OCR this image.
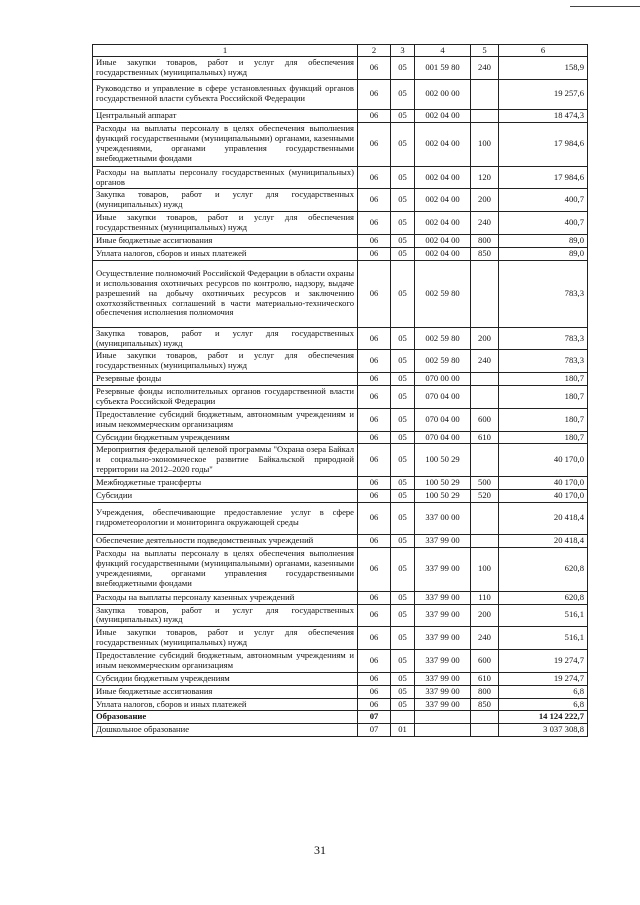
1	2	3	4	5	6
Иные закупки товаров, работ и услуг для обеспечения государственных (муниципальных) нужд	06	05	001 59 80	240	158,9
Руководство и управление в сфере установленных функций органов государственной власти субъекта Российской Федерации	06	05	002 00 00		19 257,6
Центральный аппарат	06	05	002 04 00		18 474,3
Расходы на выплаты персоналу в целях обеспечения выполнения функций государственными (муниципальными) органами, казенными учреждениями, органами управления государственными внебюджетными фондами	06	05	002 04 00	100	17 984,6
Расходы на выплаты персоналу государственных (муниципальных) органов	06	05	002 04 00	120	17 984,6
Закупка товаров, работ и услуг для государственных (муниципальных) нужд	06	05	002 04 00	200	400,7
Иные закупки товаров, работ и услуг для обеспечения государственных (муниципальных) нужд	06	05	002 04 00	240	400,7
Иные бюджетные ассигнования	06	05	002 04 00	800	89,0
Уплата налогов, сборов и иных платежей	06	05	002 04 00	850	89,0
Осуществление полномочий Российской Федерации в области охраны и использования охотничьих ресурсов по контролю, надзору, выдаче разрешений на добычу охотничьих ресурсов и заключению охотхозяйственных соглашений в части материально-технического обеспечения исполнения полномочия	06	05	002 59 80		783,3
Закупка товаров, работ и услуг для государственных (муниципальных) нужд	06	05	002 59 80	200	783,3
Иные закупки товаров, работ и услуг для обеспечения государственных (муниципальных) нужд	06	05	002 59 80	240	783,3
Резервные фонды	06	05	070 00 00		180,7
Резервные фонды исполнительных органов государственной власти субъекта Российской Федерации	06	05	070 04 00		180,7
Предоставление субсидий бюджетным, автономным учреждениям и иным некоммерческим организациям	06	05	070 04 00	600	180,7
Субсидии бюджетным учреждениям	06	05	070 04 00	610	180,7
Мероприятия федеральной целевой программы "Охрана озера Байкал и социально-экономическое развитие Байкальской природной территории на 2012–2020 годы"	06	05	100 50 29		40 170,0
Межбюджетные трансферты	06	05	100 50 29	500	40 170,0
Субсидии	06	05	100 50 29	520	40 170,0
Учреждения, обеспечивающие предоставление услуг в сфере гидрометеорологии и мониторинга окружающей среды	06	05	337 00 00		20 418,4
Обеспечение деятельности подведомственных учреждений	06	05	337 99 00		20 418,4
Расходы на выплаты персоналу в целях обеспечения выполнения функций государственными (муниципальными) органами, казенными учреждениями, органами управления государственными внебюджетными фондами	06	05	337 99 00	100	620,8
Расходы на выплаты персоналу казенных учреждений	06	05	337 99 00	110	620,8
Закупка товаров, работ и услуг для государственных (муниципальных) нужд	06	05	337 99 00	200	516,1
Иные закупки товаров, работ и услуг для обеспечения государственных (муниципальных) нужд	06	05	337 99 00	240	516,1
Предоставление субсидий бюджетным, автономным учреждениям и иным некоммерческим организациям	06	05	337 99 00	600	19 274,7
Субсидии бюджетным учреждениям	06	05	337 99 00	610	19 274,7
Иные бюджетные ассигнования	06	05	337 99 00	800	6,8
Уплата налогов, сборов и иных платежей	06	05	337 99 00	850	6,8
Образование	07				14 124 222,7
Дошкольное образование	07	01			3 037 308,8
31
